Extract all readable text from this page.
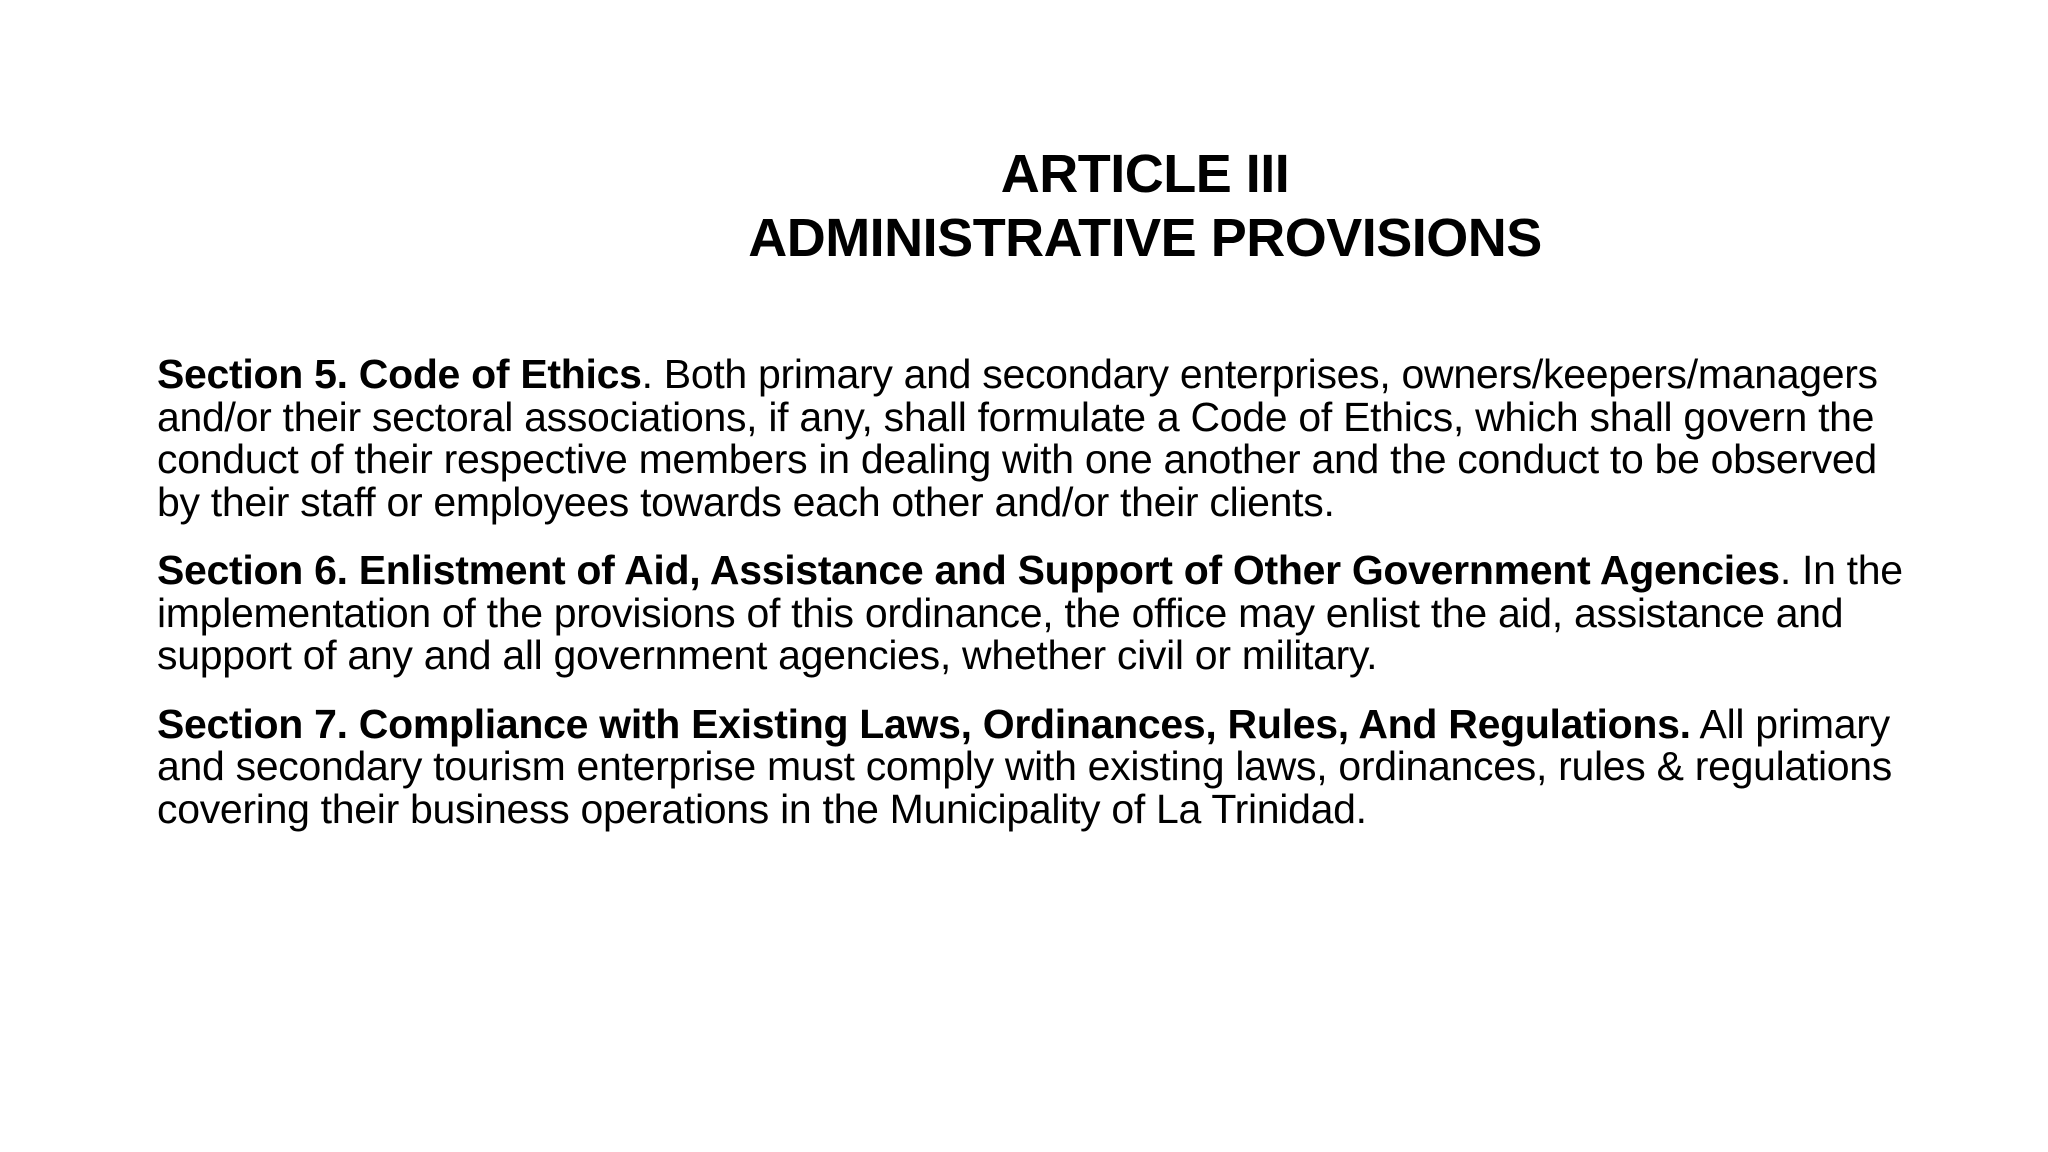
ARTICLE III
ADMINISTRATIVE PROVISIONS

Section 5. Code of Ethics. Both primary and secondary enterprises, owners/keepers/managers and/or their sectoral associations, if any, shall formulate a Code of Ethics, which shall govern the conduct of their respective members in dealing with one another and the conduct to be observed by their staff or employees towards each other and/or their clients.

Section 6. Enlistment of Aid, Assistance and Support of Other Government Agencies. In the implementation of the provisions of this ordinance, the office may enlist the aid, assistance and support of any and all government agencies, whether civil or military.

Section 7. Compliance with Existing Laws, Ordinances, Rules, And Regulations. All primary and secondary tourism enterprise must comply with existing laws, ordinances, rules & regulations covering their business operations in the Municipality of La Trinidad.
